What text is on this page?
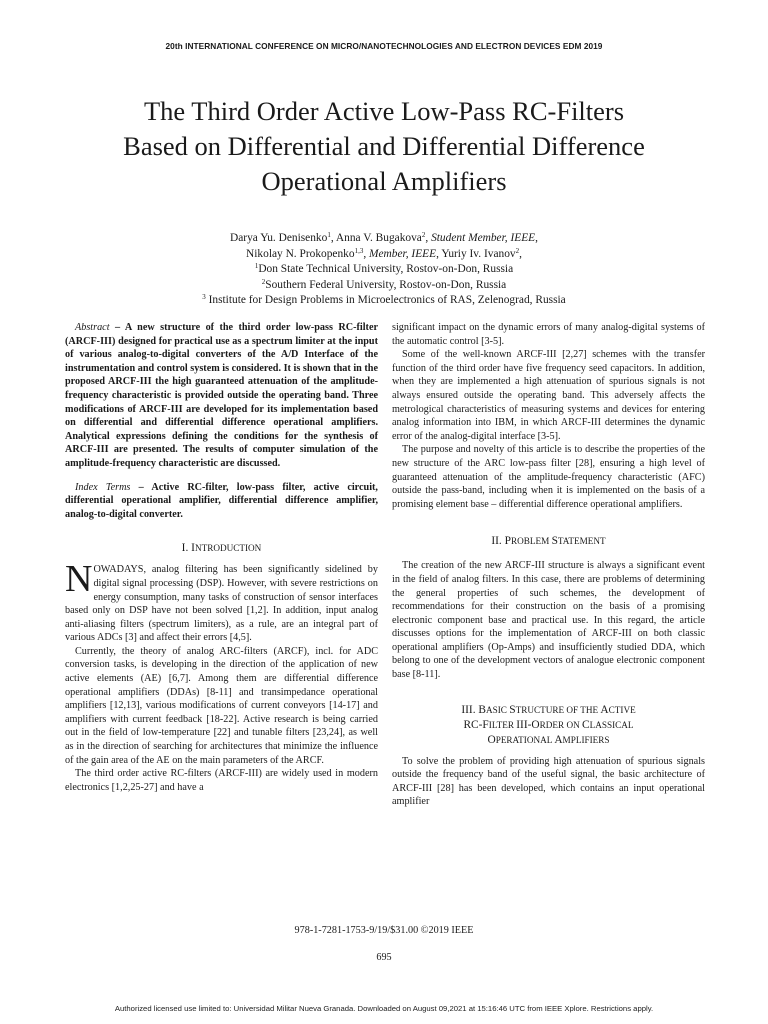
20th INTERNATIONAL CONFERENCE ON MICRO/NANOTECHNOLOGIES AND ELECTRON DEVICES EDM 2019
The Third Order Active Low-Pass RC-Filters
Based on Differential and Differential Difference
Operational Amplifiers
Darya Yu. Denisenko$^1$, Anna V. Bugakova$^2$, Student Member, IEEE,
Nikolay N. Prokopenko$^{1,3}$, Member, IEEE, Yuriy Iv. Ivanov$^2$,
$^1$Don State Technical University, Rostov-on-Don, Russia
$^2$Southern Federal University, Rostov-on-Don, Russia
$^3$ Institute for Design Problems in Microelectronics of RAS, Zelenograd, Russia

Abstract – A new structure of the third order low-pass RC-filter (ARCF-III) designed for practical use as a spectrum limiter at the input of various analog-to-digital converters of the A/D Interface of the instrumentation and control system is considered. It is shown that in the proposed ARCF-III the high guaranteed attenuation of the amplitude-frequency characteristic is provided outside the operating band. Three modifications of ARCF-III are developed for its implementation based on differential and differential difference operational amplifiers. Analytical expressions defining the conditions for the synthesis of ARCF-III are presented. The results of computer simulation of the amplitude-frequency characteristic are discussed.

Index Terms – Active RC-filter, low-pass filter, active circuit, differential operational amplifier, differential difference amplifier, analog-to-digital converter.

I. INTRODUCTION

NOWADAYS, analog filtering has been significantly sidelined by digital signal processing (DSP). However, with severe restrictions on energy consumption, many tasks of construction of sensor interfaces based only on DSP have not been solved [1,2]. In addition, input analog anti-aliasing filters (spectrum limiters), as a rule, are an integral part of various ADCs [3] and affect their errors [4,5].

Currently, the theory of analog ARC-filters (ARCF), incl. for ADC conversion tasks, is developing in the direction of the application of new active elements (AE) [6,7]. Among them are differential difference operational amplifiers (DDAs) [8-11] and transimpedance operational amplifiers [12,13], various modifications of current conveyors [14-17] and amplifiers with current feedback [18-22]. Active research is being carried out in the field of low-temperature [22] and tunable filters [23,24], as well as in the direction of searching for architectures that minimize the influence of the gain area of the AE on the main parameters of the ARCF.

The third order active RC-filters (ARCF-III) are widely used in modern electronics [1,2,25-27] and have a

significant impact on the dynamic errors of many analog-digital systems of the automatic control [3-5].

Some of the well-known ARCF-III [2,27] schemes with the transfer function of the third order have five frequency seed capacitors. In addition, when they are implemented a high attenuation of spurious signals is not always ensured outside the operating band. This adversely affects the metrological characteristics of measuring systems and devices for entering analog information into IBM, in which ARCF-III determines the dynamic error of the analog-digital interface [3-5].

The purpose and novelty of this article is to describe the properties of the new structure of the ARC low-pass filter [28], ensuring a high level of guaranteed attenuation of the amplitude-frequency characteristic (AFC) outside the pass-band, including when it is implemented on the basis of a promising element base – differential difference operational amplifiers.

II. PROBLEM STATEMENT

The creation of the new ARCF-III structure is always a significant event in the field of analog filters. In this case, there are problems of determining the general properties of such schemes, the development of recommendations for their construction on the basis of a promising electronic component base and practical use. In this regard, the article discusses options for the implementation of ARCF-III on both classic operational amplifiers (Op-Amps) and insufficiently studied DDA, which belong to one of the development vectors of analogue electronic component base [8-11].

III. BASIC STRUCTURE OF THE ACTIVE
RC-FILTER III-ORDER ON CLASSICAL
OPERATIONAL AMPLIFIERS

To solve the problem of providing high attenuation of spurious signals outside the frequency band of the useful signal, the basic architecture of ARCF-III [28] has been developed, which contains an input operational amplifier

978-1-7281-1753-9/19/$31.00 ©2019 IEEE
695
Authorized licensed use limited to: Universidad Militar Nueva Granada. Downloaded on August 09,2021 at 15:16:46 UTC from IEEE Xplore. Restrictions apply.
